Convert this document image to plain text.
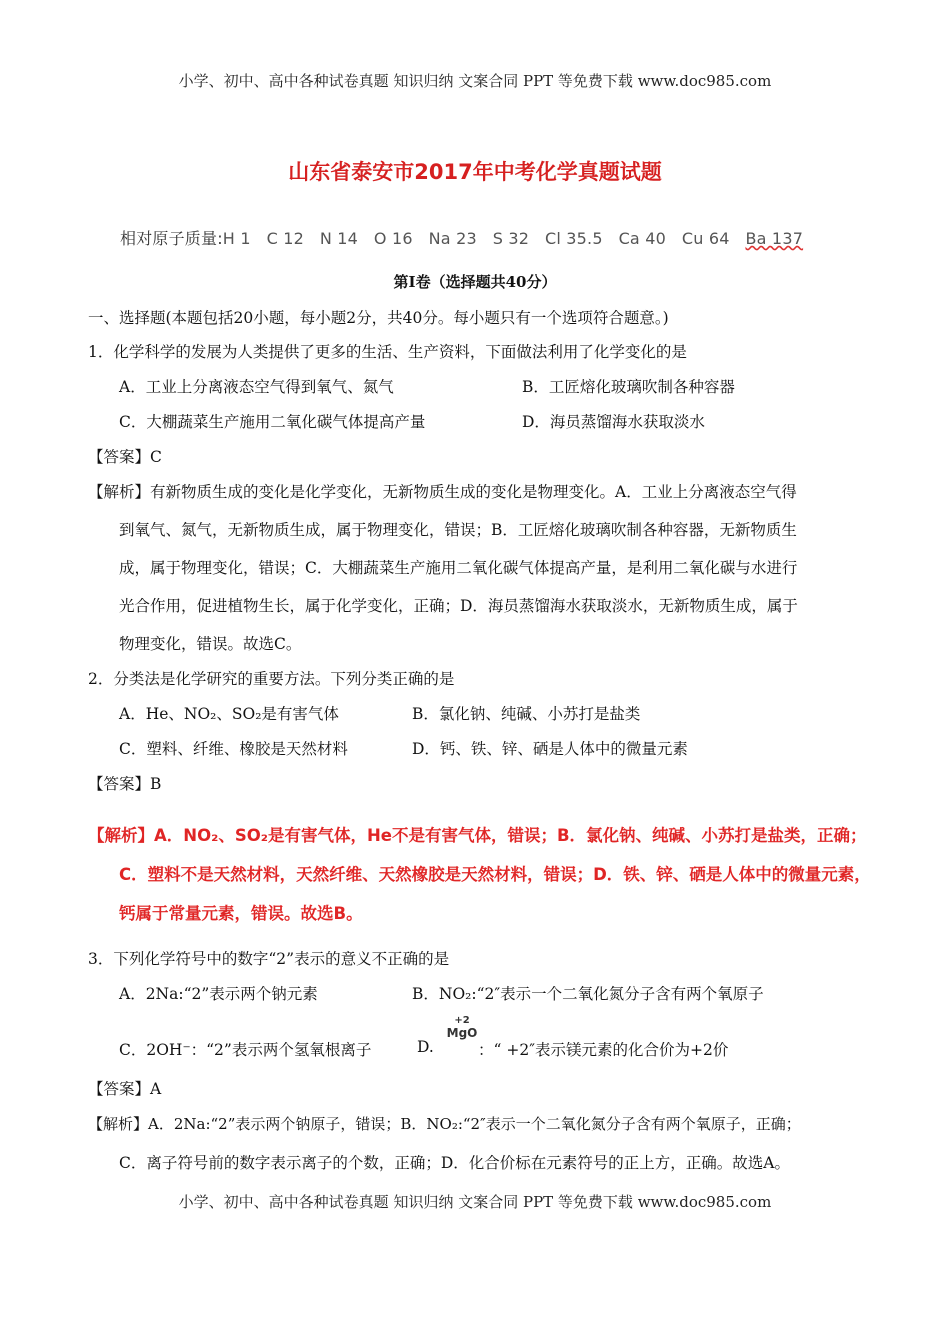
小学、初中、高中各种试卷真题 知识归纳 文案合同 PPT 等免费下载 www.doc985.com
山东省泰安市2017年中考化学真题试题
相对原子质量:H 1 C 12 N 14 O 16 Na 23 S 32 Cl 35.5 Ca 40 Cu 64 Ba 137
第Ⅰ卷（选择题共40分）
一、选择题(本题包括20小题，每小题2分，共40分。每小题只有一个选项符合题意。)
1．化学科学的发展为人类提供了更多的生活、生产资料，下面做法利用了化学变化的是
A．工业上分离液态空气得到氧气、氮气	B．工匠熔化玻璃吹制各种容器
C．大棚蔬菜生产施用二氧化碳气体提高产量	D．海员蒸馏海水获取淡水
【答案】C
【解析】有新物质生成的变化是化学变化，无新物质生成的变化是物理变化。A．工业上分离液态空气得
到氧气、氮气，无新物质生成，属于物理变化，错误；B．工匠熔化玻璃吹制各种容器，无新物质生
成，属于物理变化，错误；C．大棚蔬菜生产施用二氧化碳气体提高产量，是利用二氧化碳与水进行
光合作用，促进植物生长，属于化学变化，正确；D．海员蒸馏海水获取淡水，无新物质生成，属于
物理变化，错误。故选C。
2．分类法是化学研究的重要方法。下列分类正确的是
A．He、NO₂、SO₂是有害气体	B．氯化钠、纯碱、小苏打是盐类
C．塑料、纤维、橡胶是天然材料	D．钙、铁、锌、硒是人体中的微量元素
【答案】B
【解析】A．NO₂、SO₂是有害气体，He不是有害气体，错误；B．氯化钠、纯碱、小苏打是盐类，正确；
C．塑料不是天然材料，天然纤维、天然橡胶是天然材料，错误；D．铁、锌、硒是人体中的微量元素，
钙属于常量元素，错误。故选B。
3．下列化学符号中的数字“2”表示的意义不正确的是
A．2Na:“2”表示两个钠元素	B．NO₂:“2″表示一个二氧化氮分子含有两个氧原子
C．2OH⁻：“2”表示两个氢氧根离子	D.
+2
MgO
：“ +2″表示镁元素的化合价为+2价
【答案】A
【解析】A．2Na:“2”表示两个钠原子，错误；B．NO₂:“2″表示一个二氧化氮分子含有两个氧原子，正确；
C．离子符号前的数字表示离子的个数，正确；D．化合价标在元素符号的正上方，正确。故选A。
小学、初中、高中各种试卷真题 知识归纳 文案合同 PPT 等免费下载 www.doc985.com
